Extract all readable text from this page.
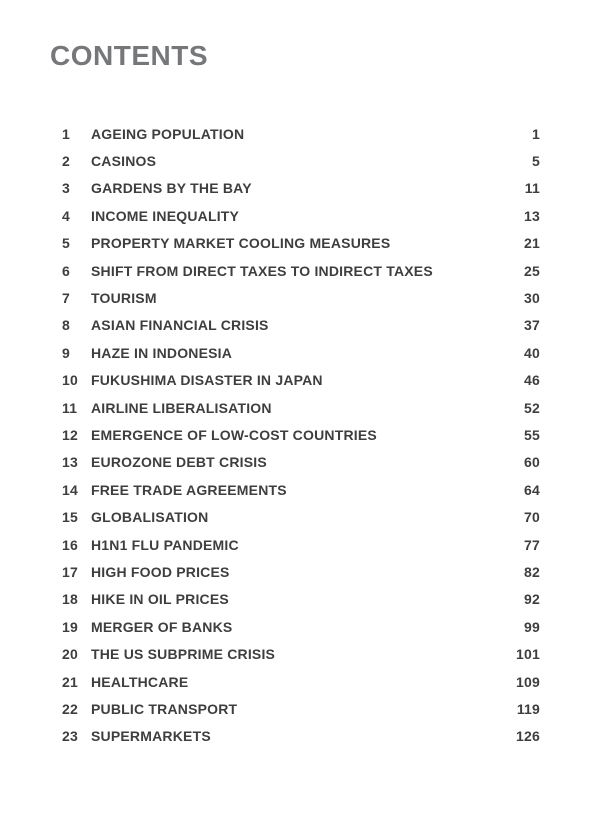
CONTENTS
1	AGEING POPULATION	1
2	CASINOS	5
3	GARDENS BY THE BAY	11
4	INCOME INEQUALITY	13
5	PROPERTY MARKET COOLING MEASURES	21
6	SHIFT FROM DIRECT TAXES TO INDIRECT TAXES	25
7	TOURISM	30
8	ASIAN FINANCIAL CRISIS	37
9	HAZE IN INDONESIA	40
10 FUKUSHIMA DISASTER IN JAPAN	46
11 AIRLINE LIBERALISATION	52
12 EMERGENCE OF LOW-COST COUNTRIES	55
13 EUROZONE DEBT CRISIS	60
14 FREE TRADE AGREEMENTS	64
15 GLOBALISATION	70
16 H1N1 FLU PANDEMIC	77
17 HIGH FOOD PRICES	82
18 HIKE IN OIL PRICES	92
19 MERGER OF BANKS	99
20 THE US SUBPRIME CRISIS	101
21 HEALTHCARE	109
22 PUBLIC TRANSPORT	119
23 SUPERMARKETS	126
